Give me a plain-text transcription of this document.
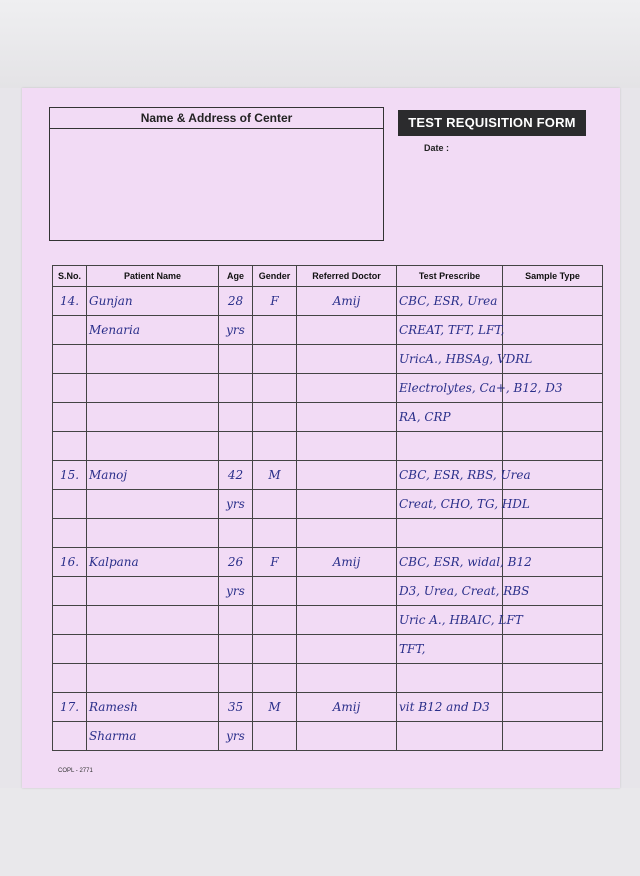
Name & Address of Center	TEST REQUISITION FORM
Date :
S.No.	Patient Name	Age	Gender	Referred Doctor	Test Prescribe	Sample Type
14.	Gunjan	28	F	Amij	CBC, ESR, Urea	
	Menaria	yrs			CREAT, TFT, LFT,	
					UricA., HBSAg, VDRL	
					Electrolytes, Ca+, B12, D3	
					RA, CRP	

15.	Manoj	42	M		CBC, ESR, RBS, Urea	
		yrs			Creat, CHO, TG, HDL	

16.	Kalpana	26	F	Amij	CBC, ESR, widal, B12	
		yrs			D3, Urea, Creat, RBS	
					Uric A., HBAIC, LFT	
					TFT,	

17.	Ramesh	35	M	Amij	vit B12 and D3	
	Sharma	yrs				
COPL - 2771
